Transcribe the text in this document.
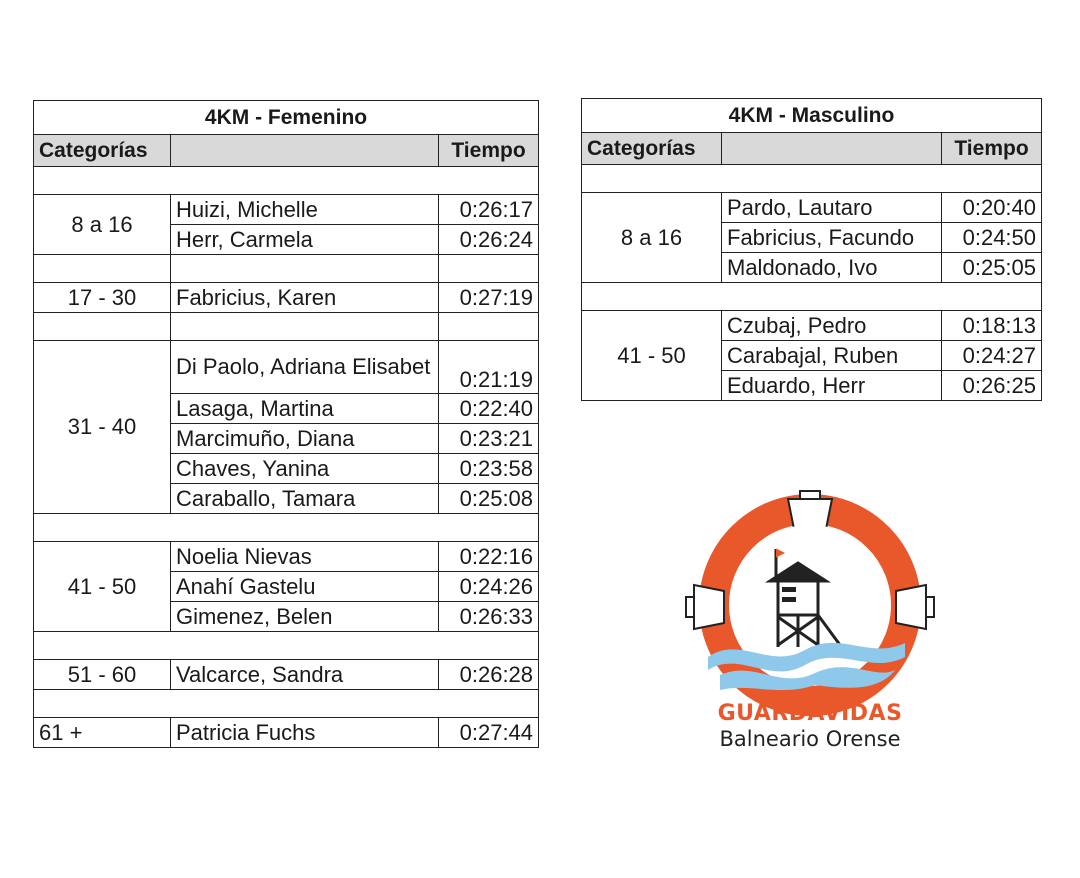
4KM - Femenino		
Categorías		Tiempo

8 a 16	Huizi, Michelle	0:26:17
	Herr, Carmela	0:26:24

17 - 30	Fabricius, Karen	0:27:19

31 - 40	Di Paolo, Adriana Elisabet	0:21:19
	Lasaga, Martina	0:22:40
	Marcimuño, Diana	0:23:21
	Chaves, Yanina	0:23:58
	Caraballo, Tamara	0:25:08

41 - 50	Noelia Nievas	0:22:16
	Anahí Gastelu	0:24:26
	Gimenez, Belen	0:26:33

51 - 60	Valcarce, Sandra	0:26:28

61 +	Patricia Fuchs	0:27:44
4KM - Masculino		
Categorías		Tiempo

8 a 16	Pardo, Lautaro	0:20:40
	Fabricius, Facundo	0:24:50
	Maldonado, Ivo	0:25:05

41 - 50	Czubaj, Pedro	0:18:13
	Carabajal, Ruben	0:24:27
	Eduardo, Herr	0:26:25
GUARDAVIDAS
Balneario Orense
